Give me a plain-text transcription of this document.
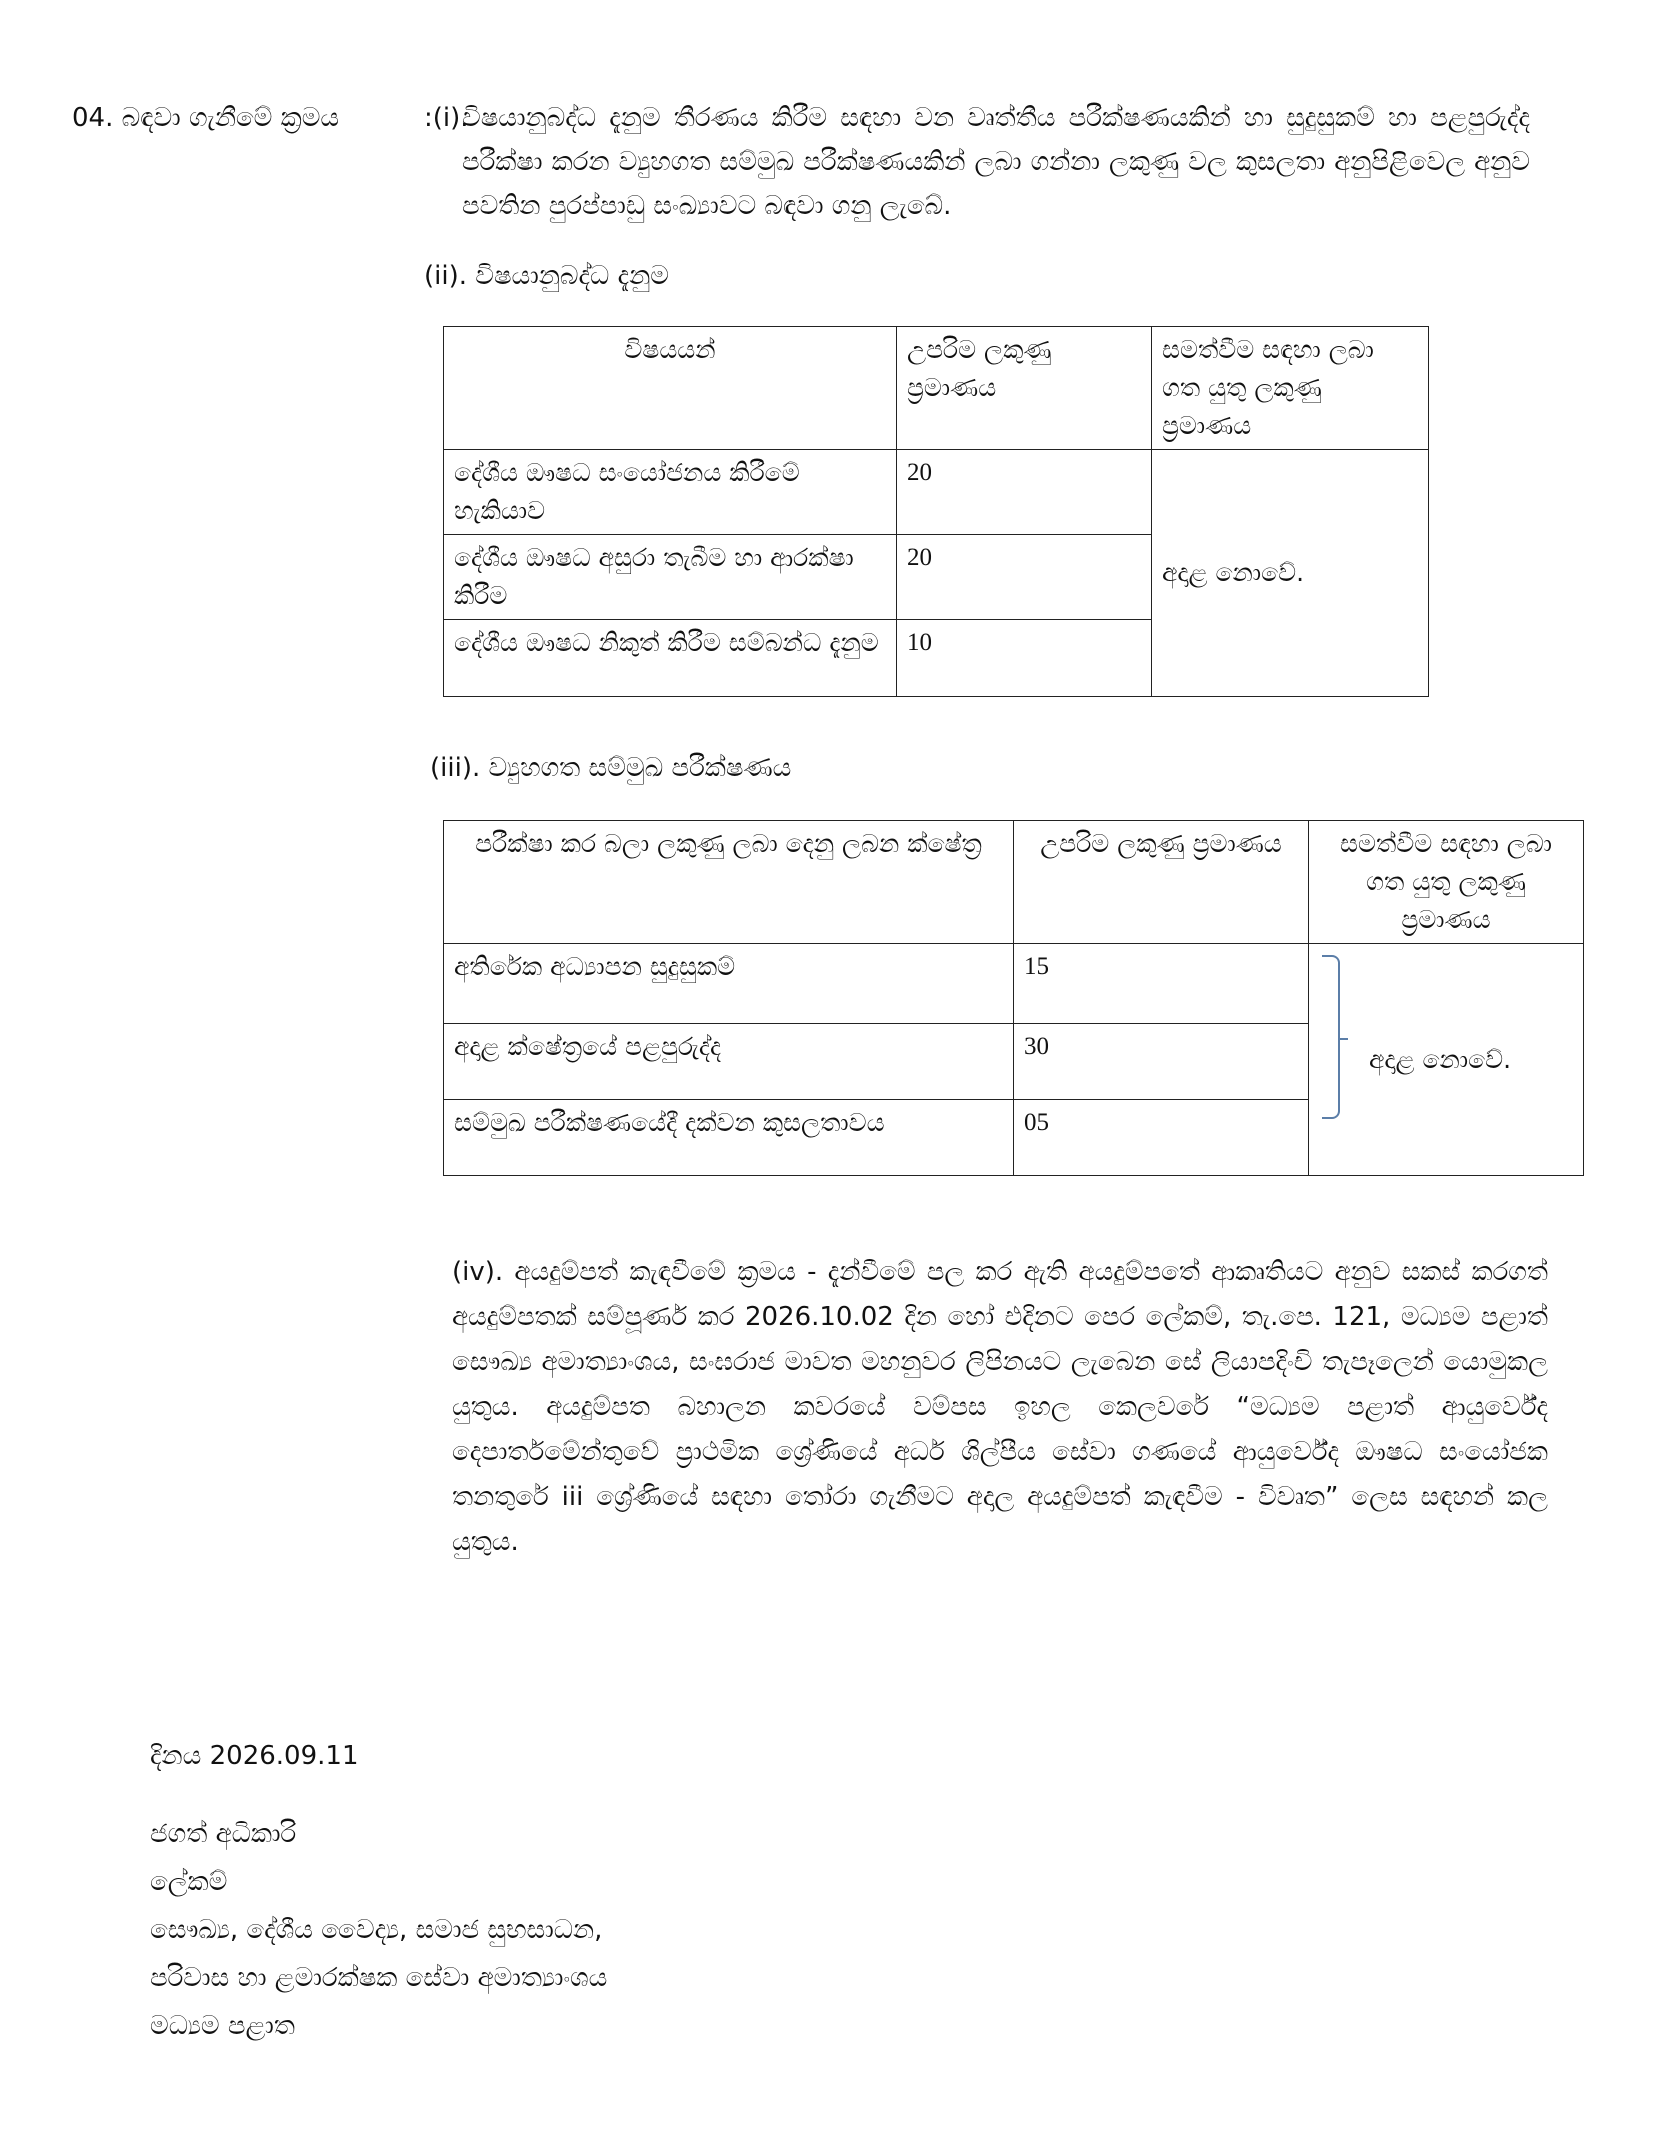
04. බඳවා ගැනීමේ ක්‍රමය	:(i).
විෂයානුබද්ධ දැනුම තීරණය කිරීම සඳහා වන වෘත්තීය පරීක්ෂණයකින් හා සුදුසුකම් හා පළපුරුද්ද පරීක්ෂා කරන ව්‍යුහගත සම්මුඛ පරීක්ෂණයකින් ලබා ගන්නා ලකුණු වල කුසලතා අනුපිළිවෙල අනුව පවතින පුරප්පාඩු සංඛ්‍යාවට බඳවා ගනු ලැබේ.
(ii). විෂයානුබද්ධ දැනුම
විෂයයන්	උපරිම ලකුණු ප්‍රමාණය	සමත්වීම සඳහා ලබා ගත යුතු ලකුණු ප්‍රමාණය
දේශීය ඖෂධ සංයෝජනය කිරීමේ හැකියාව	20	අදාළ නොවේ.
දේශීය ඖෂධ අසුරා තැබීම හා ආරක්ෂා කිරීම	20	
දේශීය ඖෂධ නිකුත් කිරීම සම්බන්ධ දැනුම	10	
(iii). ව්‍යුහගත සම්මුඛ පරීක්ෂණය
පරීක්ෂා කර බලා ලකුණු ලබා දෙනු ලබන ක්ෂේත්‍ර	උපරිම ලකුණු ප්‍රමාණය	සමත්වීම සඳහා ලබා ගත යුතු ලකුණු ප්‍රමාණය
අතිරේක අධ්‍යාපන සුදුසුකම්	15	අදාළ නොවේ.
අදාළ ක්ෂේත්‍රයේ පළපුරුද්ද	30	
සම්මුඛ පරීක්ෂණයේදී දක්වන කුසලතාවය	05	
(iv). අයදුම්පත් කැඳවීමේ ක්‍රමය - දැන්වීමේ පල කර ඇති අයදුම්පතේ ආකෘතියට අනුව සකස් කරගත් අයදුම්පතක් සම්පූර්ණ කර 2026.10.02 දින හෝ එදිනට පෙර ලේකම්, තැ.පෙ. 121, මධ්‍යම පළාත් සෞඛ්‍ය අමාත්‍යාංශය, සංඝරාජ මාවත මහනුවර ලිපිනයට ලැබෙන සේ ලියාපදිංචි තැපෑලෙන් යොමුකල යුතුය. අයදුම්පත බහාලන කවරයේ වම්පස ඉහල කෙලවරේ “මධ්‍යම පළාත් ආයුර්වේද දෙපාර්තමේන්තුවේ ප්‍රාථමික ශ්‍රේණියේ අර්ධ ශිල්පීය සේවා ගණයේ ආයුර්වේද ඖෂධ සංයෝජක තනතුරේ iii ශ්‍රේණියේ සඳහා තෝරා ගැනීමට අදාල අයදුම්පත් කැඳවීම - විවෘත” ලෙස සඳහන් කල යුතුය.
දිනය 2026.09.11
ජගත් අධිකාරි
ලේකම්
සෞඛ්‍ය, දේශීය වෛද්‍ය, සමාජ සුභසාධන,
පරිවාස හා ළමාරක්ෂක සේවා අමාත්‍යාංශය
මධ්‍යම පළාත
